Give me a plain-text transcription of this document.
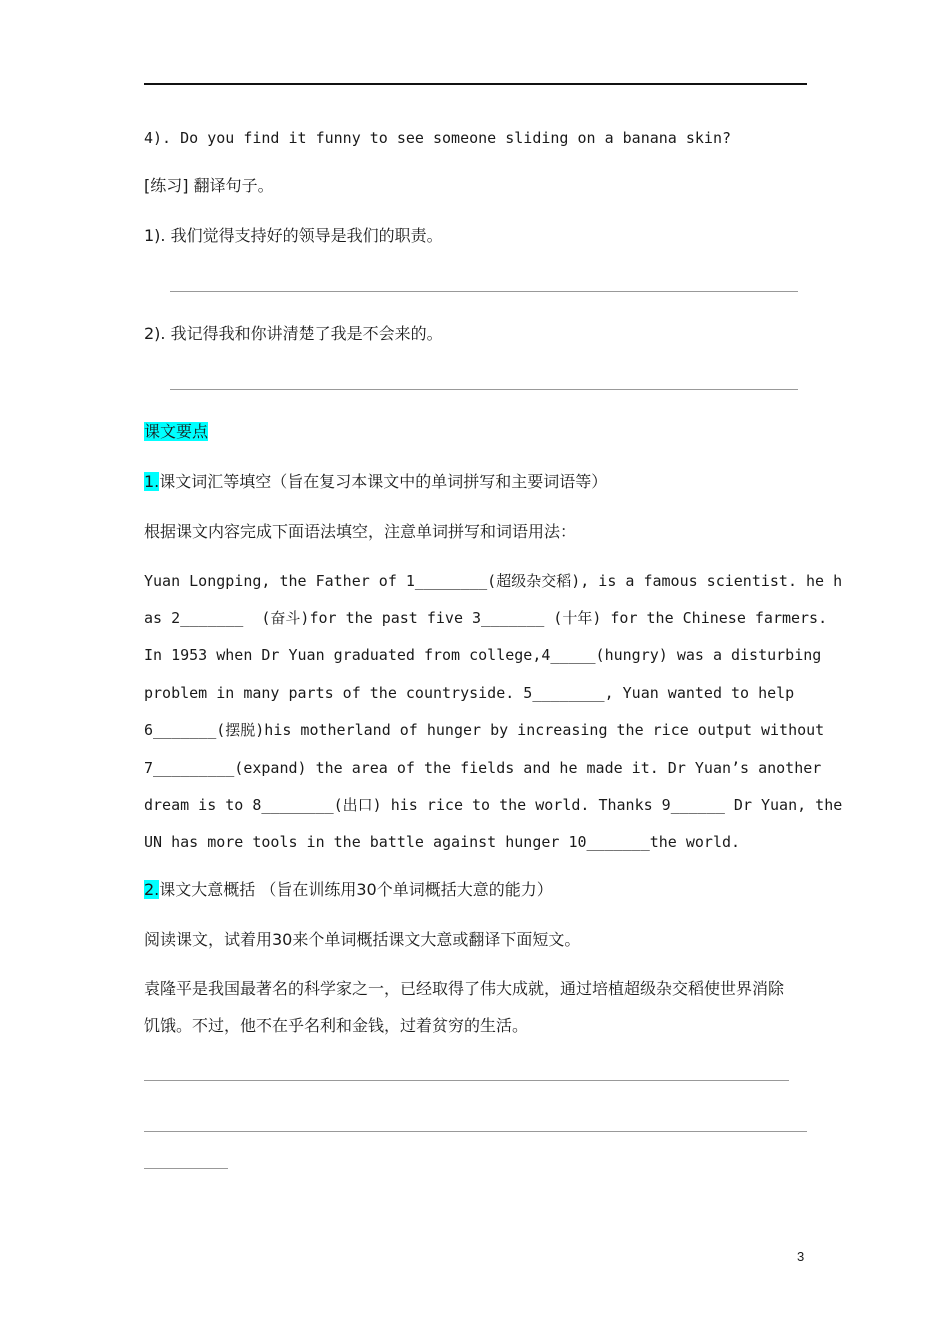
4). Do you find it funny to see someone sliding on a banana skin?
[练习] 翻译句子。
1). 我们觉得支持好的领导是我们的职责。
2). 我记得我和你讲清楚了我是不会来的。
课文要点
1.课文词汇等填空（旨在复习本课文中的单词拼写和主要词语等）
根据课文内容完成下面语法填空，注意单词拼写和词语用法：
Yuan Longping, the Father of 1________(超级杂交稻), is a famous scientist. he h
as 2_______  (奋斗)for the past five 3_______ (十年) for the Chinese farmers.
In 1953 when Dr Yuan graduated from college,4_____(hungry) was a disturbing
problem in many parts of the countryside. 5________, Yuan wanted to help
6_______(摆脱)his motherland of hunger by increasing the rice output without
7_________(expand) the area of the fields and he made it. Dr Yuan’s another
dream is to 8________(出口) his rice to the world. Thanks 9______ Dr Yuan, the
UN has more tools in the battle against hunger 10_______the world.
2.课文大意概括 （旨在训练用30个单词概括大意的能力）
阅读课文，试着用30来个单词概括课文大意或翻译下面短文。
袁隆平是我国最著名的科学家之一，已经取得了伟大成就，通过培植超级杂交稻使世界消除
饥饿。不过，他不在乎名利和金钱，过着贫穷的生活。
3
